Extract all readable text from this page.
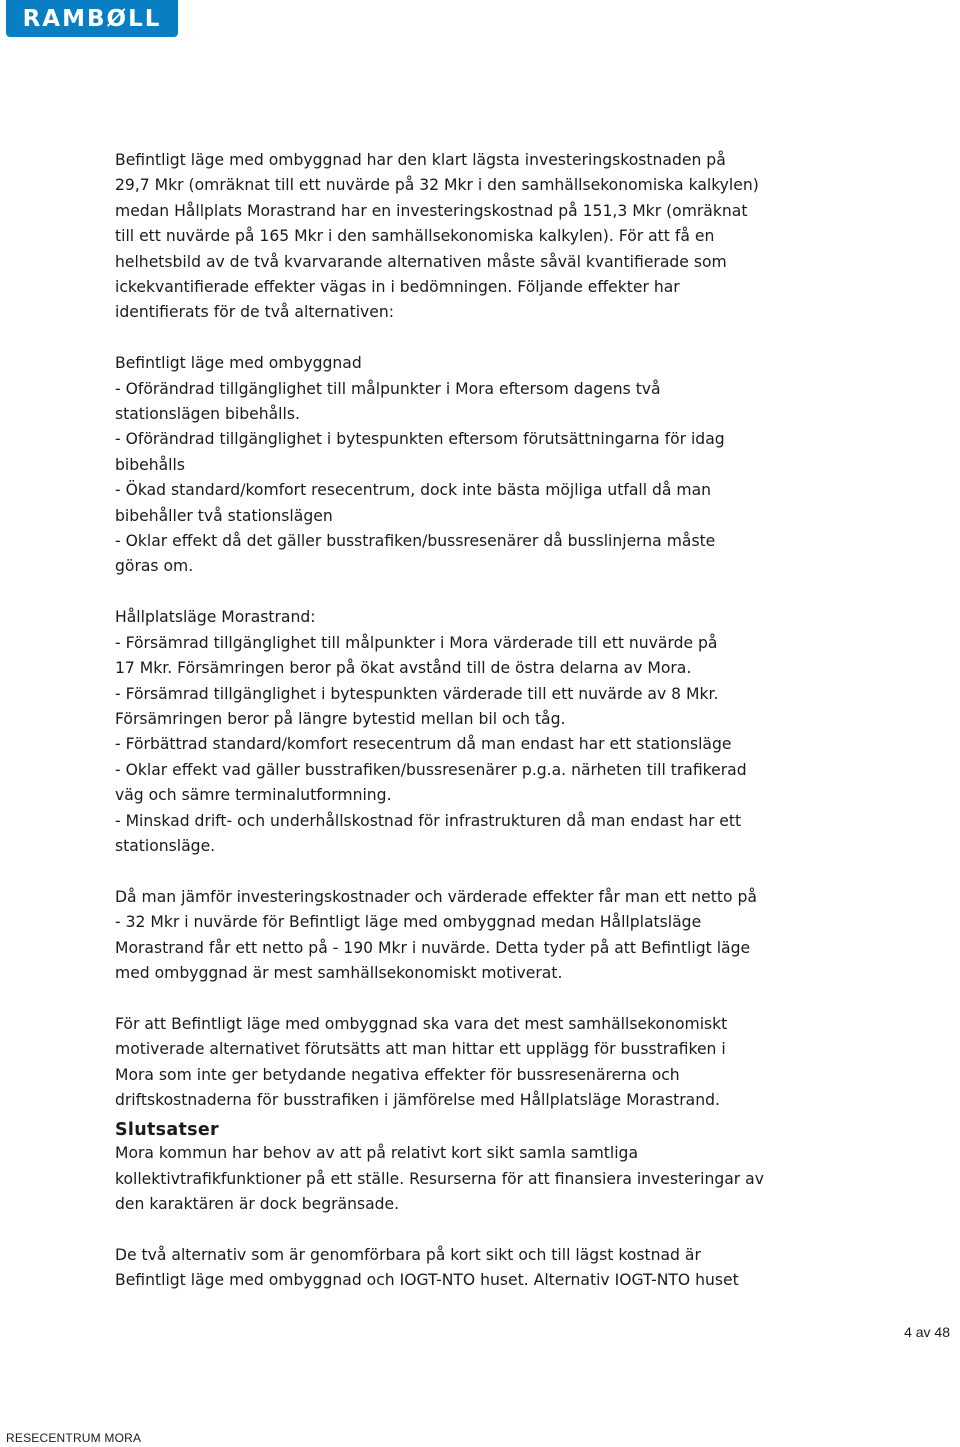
RAMBØLL

Befintligt läge med ombyggnad har den klart lägsta investeringskostnaden på

29,7 Mkr (omräknat till ett nuvärde på 32 Mkr i den samhällsekonomiska kalkylen)

medan Hållplats Morastrand har en investeringskostnad på 151,3 Mkr (omräknat

till ett nuvärde på 165 Mkr i den samhällsekonomiska kalkylen). För att få en

helhetsbild av de två kvarvarande alternativen måste såväl kvantifierade som

ickekvantifierade effekter vägas in i bedömningen. Följande effekter har

identifierats för de två alternativen:

Befintligt läge med ombyggnad

- Oförändrad tillgänglighet till målpunkter i Mora eftersom dagens två

stationslägen bibehålls.

- Oförändrad tillgänglighet i bytespunkten eftersom förutsättningarna för idag

bibehålls

- Ökad standard/komfort resecentrum, dock inte bästa möjliga utfall då man

bibehåller två stationslägen

- Oklar effekt då det gäller busstrafiken/bussresenärer då busslinjerna måste

göras om.

Hållplatsläge Morastrand:

- Försämrad tillgänglighet till målpunkter i Mora värderade till ett nuvärde på

17 Mkr. Försämringen beror på ökat avstånd till de östra delarna av Mora.

- Försämrad tillgänglighet i bytespunkten värderade till ett nuvärde av 8 Mkr.

Försämringen beror på längre bytestid mellan bil och tåg.

- Förbättrad standard/komfort resecentrum då man endast har ett stationsläge

- Oklar effekt vad gäller busstrafiken/bussresenärer p.g.a. närheten till trafikerad

väg och sämre terminalutformning.

- Minskad drift- och underhållskostnad för infrastrukturen då man endast har ett

stationsläge.

Då man jämför investeringskostnader och värderade effekter får man ett netto på

- 32 Mkr i nuvärde för Befintligt läge med ombyggnad medan Hållplatsläge

Morastrand får ett netto på - 190 Mkr i nuvärde. Detta tyder på att Befintligt läge

med ombyggnad är mest samhällsekonomiskt motiverat.

För att Befintligt läge med ombyggnad ska vara det mest samhällsekonomiskt

motiverade alternativet förutsätts att man hittar ett upplägg för busstrafiken i

Mora som inte ger betydande negativa effekter för bussresenärerna och

driftskostnaderna för busstrafiken i jämförelse med Hållplatsläge Morastrand.

Slutsatser

Mora kommun har behov av att på relativt kort sikt samla samtliga

kollektivtrafikfunktioner på ett ställe. Resurserna för att finansiera investeringar av

den karaktären är dock begränsade.

De två alternativ som är genomförbara på kort sikt och till lägst kostnad är

Befintligt läge med ombyggnad och IOGT-NTO huset. Alternativ IOGT-NTO huset

4 av 48
RESECENTRUM MORA
